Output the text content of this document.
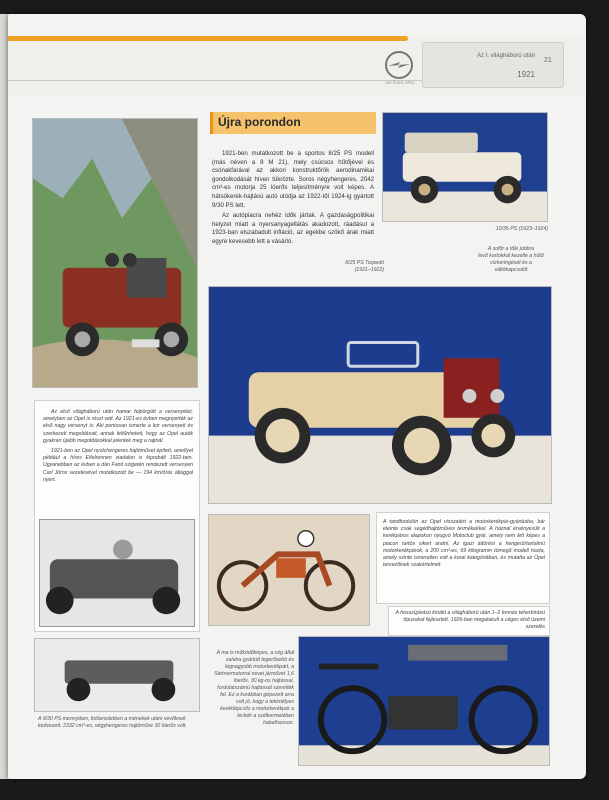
100 ÉVES OPEL
Az I. világháború után
1921
21
Újra porondon

1921-ben mutatkozott be a sportos 8/25 PS modell (más néven a 8 M 21), mely csúcsos hűtőjével és csónakfarával az akkori konstruktőrök aerodinamikai gondolkodását híven tükrözte. Soros négyhengeres, 2042 cm³-es motorja 25 lóerős teljesítményre volt képes. A hátsókerék-hajtású autó utódja az 1922-től 1924-ig gyártott 9/30 PS lett.

Az autópiacra nehéz idők jártak. A gazdaságpolitikai helyzet miatt a nyersanyagellátás akadozott, ráadásul a 1923-ban elszabadult infláció, az egekbe szökő árak miatt egyre kevesebb lett a vásárló.

8/25 PS Torpedó
(1921–1922)
10/35 PS (1923–1924)
A sofőr a tőle jobbra
levő kartokkal kezelte a hűtő
vízkeringését és a
váltókapcsolót

Az első világháború után hamar felpörgött a versenyélet, amelyben az Opel is részt vett. Az 1921-es évben megnyerték az első nagy versenyt is. Aki pontosan ismerte a kor versenyeit és szerkezeti megoldásait, annak feltűnhetett, hogy az Opel autók gyakran újabb megoldásokkal jelentek meg a rajtnál.

1921-ben az Opel nyolchengeres hajtóművet épített, amellyel például a híres Eifelrennen viadalon is kiprobált 1922-ben. Ugyanebben az évben a dán Fanö szigetén rendezett versenyen Carl Jörns vezetésével mutatkozott be — 194 km/órás átlaggal nyert.

A tandfordulón az Opel visszatért a motorkerékpár-gyártásba, bár eleinte csak segédhajtóműves termékekkel. A háznál érvényesült a kerékpáros alapokon nyugvó Motoclub gyár, amely nem lett képes a piacon tartós sikert aratni. Az igazi áttörést a hengerűrtartalmú motorkerékpárok, a 200 cm³-es, 69 kilogramm tömegű modell hozta, amely szinte ismeretlen volt a korai kategóriában, és mutatta az Opel tervezőinek szakértelmét.
A hosszújárású kínáló a világháború után 1–2 tonnás teherbírású típusokat fejlesztett. 1926-ban megalakult a céges első üzemi szerelés
A 9/30 PS mennyiben, fotóeredetben a ménekek utáni vevőknek kedvezett. 2332 cm³-es, négyhengeres hajtóműve 30 lóerős volt.
A ma is működőképes, a cég által valaha gyártott legerősebb és legnagyobb motorkerékpárt, a Stehrermotorral nevei járművet 1,6 lóerős, 30 kg-os hajtással, fordulatszámú hajtással szerelték fel. Ez a korábban gépezett arra volt jó, hogy a tekintélyes keréklépcsős a motorkerékpár a leckék a szélkermelében haladhasson.
